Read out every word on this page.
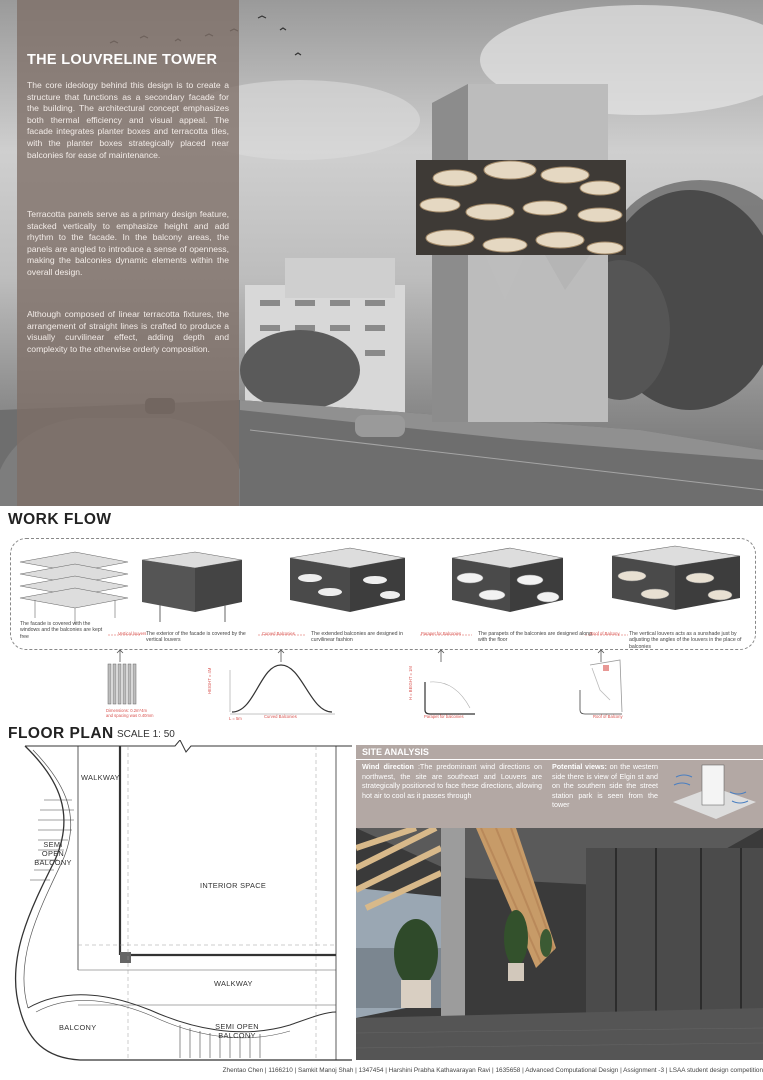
THE LOUVRELINE TOWER

The core ideology behind this design is to create a structure that functions as a secondary facade for the building. The architectural concept emphasizes both thermal efficiency and visual appeal. The facade integrates planter boxes and terracotta tiles, with the planter boxes strategically placed near balconies for ease of maintenance.

Terracotta panels serve as a primary design feature, stacked vertically to emphasize height and add rhythm to the facade. In the balcony areas, the panels are angled to introduce a sense of openness, making the balconies dynamic elements within the overall design.

Although composed of linear terracotta fixtures, the arrangement of straight lines is crafted to produce a visually curvilinear effect, adding depth and complexity to the otherwise orderly composition.

WORK FLOW
The facade is covered with the windows and the balconies are kept free
Vertical louvers The exterior of the facade is covered by the vertical louvers
Curved Balconies	The extended balconies are designed in curvilinear fashion
Parapet for Balconies	The parapets of the balconies are designed along with the floor
Roof of Balcony The vertical louvers acts as a sunshade just by adjusting the angles of the louvers in the place of balconies
Dimensions: 0.2m*4m and spacing was 0.40mm	Curved Balconies
L = 5m
HEIGHT = 4M
Parapet for balconies
H = BEIGHT = 1M
Roof of Balcony
FLOOR PLAN SCALE 1: 50
WALKWAY
SEMI OPEN BALCONY
INTERIOR SPACE
WALKWAY
BALCONY	SEMI OPEN BALCONY
SITE ANALYSIS

Wind direction :The predominant wind directions on northwest, the site are southeast and Louvers are strategically positioned to face these directions, allowing hot air to cool as it passes through

Potential views: on the western side there is view of Elgin st and on the southern side the street station park is seen from the tower

Zhentao Chen | 1166210 | Samkit Manoj Shah | 1347454 | Harshini Prabha Kathavarayan Ravi | 1635658 | Advanced Computational Design | Assignment -3 | LSAA student design competition
